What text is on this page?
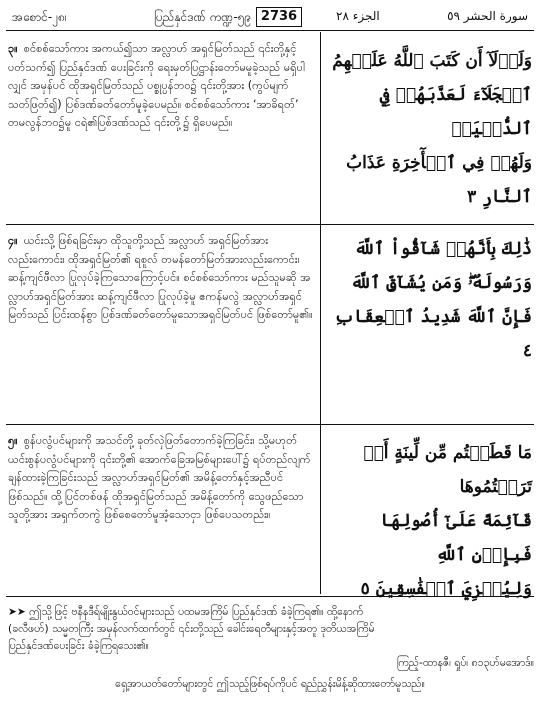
အစောင်-၂၈၊	ပြည်နှင်ဒဏ် ကဏ္ဍ-၅၉ 2736	الجزء ٢٨	سورة الحشر ٥٩

၃။ စင်စစ်သော်ကား အကယ်၍သာ အလ္လာဟ် အရှင်မြတ်သည် ၎င်းတို့နှင့်ပတ်သက်၍ ပြည်နှင်ဒဏ် ပေးခြင်းကို ရေးမှတ်ပြဋ္ဌာန်းတော်မမူခဲ့သည် မရှိပါလျှင် အမှန်ပင် ထိုအရှင်မြတ်သည် ပစ္စုပ္ပန်ဘဝ၌ ၎င်းတို့အား (ကွပ်မျက်သတ်ဖြတ်၍) ပြစ်ဒဏ်ခတ်တော်မူခဲ့ပေမည်။ စင်စစ်သော်ကား ‘အာခိရတ်’ တမလွန်ဘဝ၌မူ ငရဲ၏ပြစ်ဒဏ်သည် ၎င်းတို့၌ ရှိပေမည်။

وَلَوۡلَآ أَن كَتَبَ ٱللَّهُ عَلَيۡهِمُ

ٱلۡجَلَآءَ لَعَذَّبَهُمۡ فِي ٱلدُّنۡيَاۖ

وَلَهُمۡ فِي ٱلۡأٓخِرَةِ عَذَابُ

ٱلنَّارِ ٣

၄။ ယင်းသို့ ဖြစ်ရခြင်းမှာ ထိုသူတို့သည် အလ္လာဟ် အရှင်မြတ်အားလည်းကောင်း၊ ထိုအရှင်မြတ်၏ ရစူလ် တမန်တော်မြတ်အားလည်းကောင်း၊ ဆန့်ကျင်ဖီလာ ပြုလုပ်ခဲ့ကြသောကြောင့်ပင်။ စင်စစ်သော်ကား မည်သူမဆို အလ္လာဟ်အရှင်မြတ်အား ဆန့်ကျင်ဖီလာ ပြုလုပ်ခဲ့မူ ဧကန်မလွဲ အလ္လာဟ်အရှင်မြတ်သည် ပြင်းထန်စွာ ပြစ်ဒဏ်ခတ်တော်မူသောအရှင်မြတ်ပင် ဖြစ်တော်မူ၏။

ذَٰلِكَ بِأَنَّهُمۡ شَآقُّواْ ٱللَّهَ

وَرَسُولَهُۥۖ وَمَن يُشَآقِّ ٱللَّهَ

فَإِنَّ ٱللَّهَ شَدِيدُ ٱلۡعِقَابِ ٤

၅။ စွန်ပလွံပင်များကို အသင်တို့ ခုတ်လှဲဖြတ်တောက်ခဲ့ကြခြင်း၊ သို့မဟုတ် ယင်းစွန်ပလွံပင်များကို ၎င်းတို့၏ အောက်ခြေအမြစ်များပေါ်၌ ရပ်တည်လျက် ချန်ထားခဲ့ကြခြင်းသည် အလ္လာဟ်အရှင်မြတ်၏ အမိန့်တော်နှင့်အညီပင် ဖြစ်သည်။ ထို့ပြင်တစ်ဖန် ထိုအရှင်မြတ်သည် အမိန့်တော်ကို သွေဖည်သောသူတို့အား အရှက်တကွဲ ဖြစ်စေတော်မူအံ့သောငှာ ဖြစ်ပေသတည်း။

مَا قَطَعۡتُم مِّن لِّينَةٍ أَوۡ تَرَكۡتُمُوهَا

قَآئِمَةً عَلَىٰٓ أُصُولِهَا فَبِإِذۡنِ ٱللَّهِ

وَلِيُخۡزِيَ ٱلۡفَٰسِقِينَ ٥

➤➤ ဤသို့ဖြင့် ဗနီနဒီရ်မျိုးနွယ်ဝင်များသည် ပထမအကြိမ် ပြည်နှင်ဒဏ် ခံခဲ့ကြရ၏။ ထို့နောက်

(ခလီဖဟ်) သမ္မတကြီး အမှန်လက်ထက်တွင် ၎င်းတို့သည် ခေါင်းရေတီများနှင့်အတူ ဒုတိယအကြိမ်

ပြည်နှင်ဒဏ်ပေးခြင်း ခံခဲ့ကြရသေး၏။

ကြည့်-ထာနဇီ၊ ရှုပ်၊ ၈၁၃ဟ်မအောဒ်။

ရှေ့အာယတ်တော်များတွင် ဤသည့်ဖြစ်ရပ်ကိုပင် ရည်ညွှန်းမိန့်ဆိုထားတော်မူသည်။
